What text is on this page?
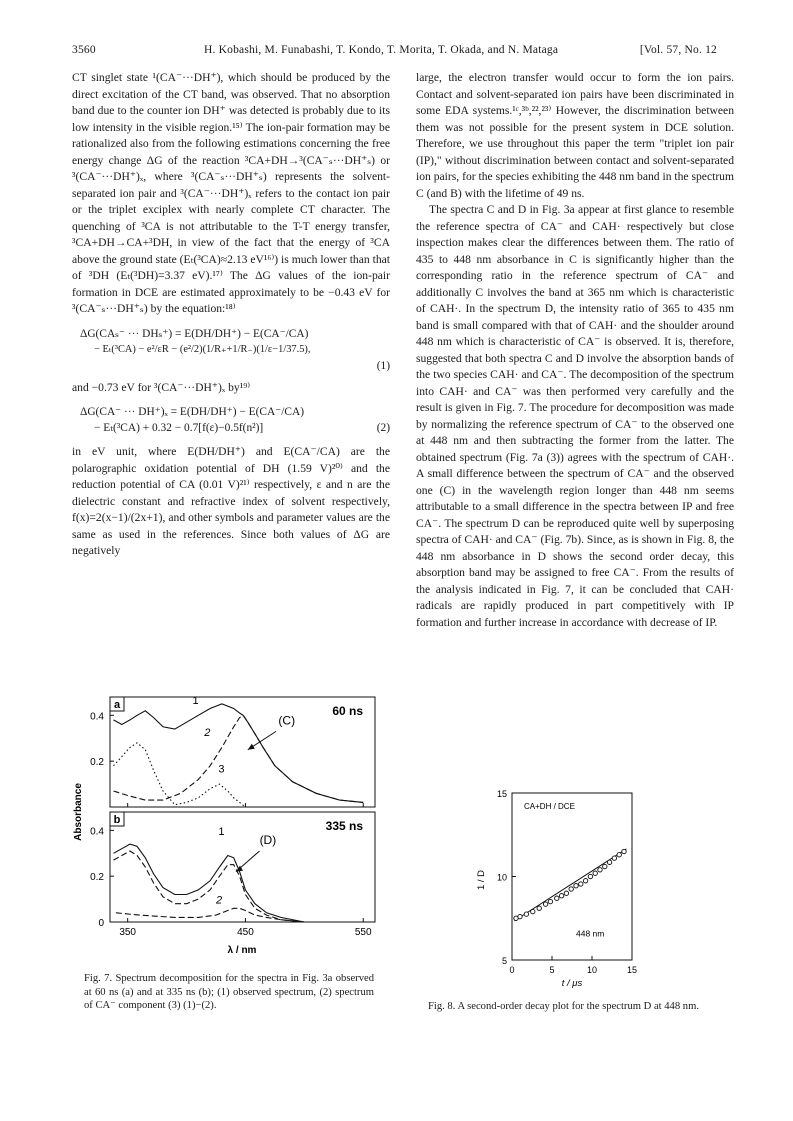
3560	H. Kobashi, M. Funabashi, T. Kondo, T. Morita, T. Okada, and N. Mataga	[Vol. 57, No. 12

CT singlet state ¹(CA⁻···DH⁺), which should be produced by the direct excitation of the CT band, was observed. That no absorption band due to the counter ion DH⁺ was detected is probably due to its low intensity in the visible region.¹⁵⁾ The ion-pair formation may be rationalized also from the following estimations concerning the free energy change ΔG of the reaction ³CA+DH→³(CA⁻ₛ···DH⁺ₛ) or ³(CA⁻···DH⁺)ₓ, where ³(CA⁻ₛ···DH⁺ₛ) represents the solvent-separated ion pair and ³(CA⁻···DH⁺)ₓ refers to the contact ion pair or the triplet exciplex with nearly complete CT character. The quenching of ³CA is not attributable to the T-T energy transfer, ³CA+DH→CA+³DH, in view of the fact that the energy of ³CA above the ground state (Eₜ(³CA)≈2.13 eV¹⁶⁾) is much lower than that of ³DH (Eₜ(³DH)=3.37 eV).¹⁷⁾ The ΔG values of the ion-pair formation in DCE are estimated approximately to be −0.43 eV for ³(CA⁻ₛ···DH⁺ₛ) by the equation:¹⁸⁾

ΔG(CAₛ⁻ ··· DHₛ⁺) = E(DH/DH⁺) − E(CA⁻/CA)
− Eₜ(³CA) − e²/εR − (e²/2)(1/R₊+1/R₋)(1/ε−1/37.5),
(1)

and −0.73 eV for ³(CA⁻···DH⁺)ₓ by¹⁹⁾

ΔG(CA⁻ ··· DH⁺)ₓ = E(DH/DH⁺) − E(CA⁻/CA)
− Eₜ(³CA) + 0.32 − 0.7[f(ε)−0.5f(n²)]	(2)

in eV unit, where E(DH/DH⁺) and E(CA⁻/CA) are the polarographic oxidation potential of DH (1.59 V)²⁰⁾ and the reduction potential of CA (0.01 V)²¹⁾ respectively, ε and n are the dielectric constant and refractive index of solvent respectively, f(x)=2(x−1)/(2x+1), and other symbols and parameter values are the same as used in the references. Since both values of ΔG are negatively

large, the electron transfer would occur to form the ion pairs. Contact and solvent-separated ion pairs have been discriminated in some EDA systems.¹ᶜ,³ᵇ,²²,²³⁾ However, the discrimination between them was not possible for the present system in DCE solution. Therefore, we use throughout this paper the term "triplet ion pair (IP)," without discrimination between contact and solvent-separated ion pairs, for the species exhibiting the 448 nm band in the spectrum C (and B) with the lifetime of 49 ns.

The spectra C and D in Fig. 3a appear at first glance to resemble the reference spectra of CA⁻ and CAH· respectively but close inspection makes clear the differences between them. The ratio of 435 to 448 nm absorbance in C is significantly higher than the corresponding ratio in the reference spectrum of CA⁻ and additionally C involves the band at 365 nm which is characteristic of CAH·. In the spectrum D, the intensity ratio of 365 to 435 nm band is small compared with that of CAH· and the shoulder around 448 nm which is characteristic of CA⁻ is observed. It is, therefore, suggested that both spectra C and D involve the absorption bands of the two species CAH· and CA⁻. The decomposition of the spectrum into CAH· and CA⁻ was then performed very carefully and the result is given in Fig. 7. The procedure for decomposition was made by normalizing the reference spectrum of CA⁻ to the observed one at 448 nm and then subtracting the former from the latter. The obtained spectrum (Fig. 7a (3)) agrees with the spectrum of CAH·. A small difference between the spectrum of CA⁻ and the observed one (C) in the wavelength region longer than 448 nm seems attributable to a small difference in the spectra between IP and free CA⁻. The spectrum D can be reproduced quite well by superposing spectra of CAH· and CA⁻ (Fig. 7b). Since, as is shown in Fig. 8, the 448 nm absorbance in D shows the second order decay, this absorption band may be assigned to free CA⁻. From the results of the analysis indicated in Fig. 7, it can be concluded that CAH· radicals are rapidly produced in part competitively with IP formation and further increase in accordance with decrease of IP.

a	60 ns
0.2
0.4
1
2
3
(C)
b	335 ns
0
0.2
0.4
350	450	550
1
2
(D)
Absorbance
λ / nm
Fig. 7. Spectrum decomposition for the spectra in Fig. 3a observed at 60 ns (a) and at 335 ns (b); (1) observed spectrum, (2) spectrum of CA⁻ component (3) (1)−(2).
5
10
15
0	5	10	15
CA+DH / DCE
448 nm
1 / D
t / μs
Fig. 8. A second-order decay plot for the spectrum D at 448 nm.
